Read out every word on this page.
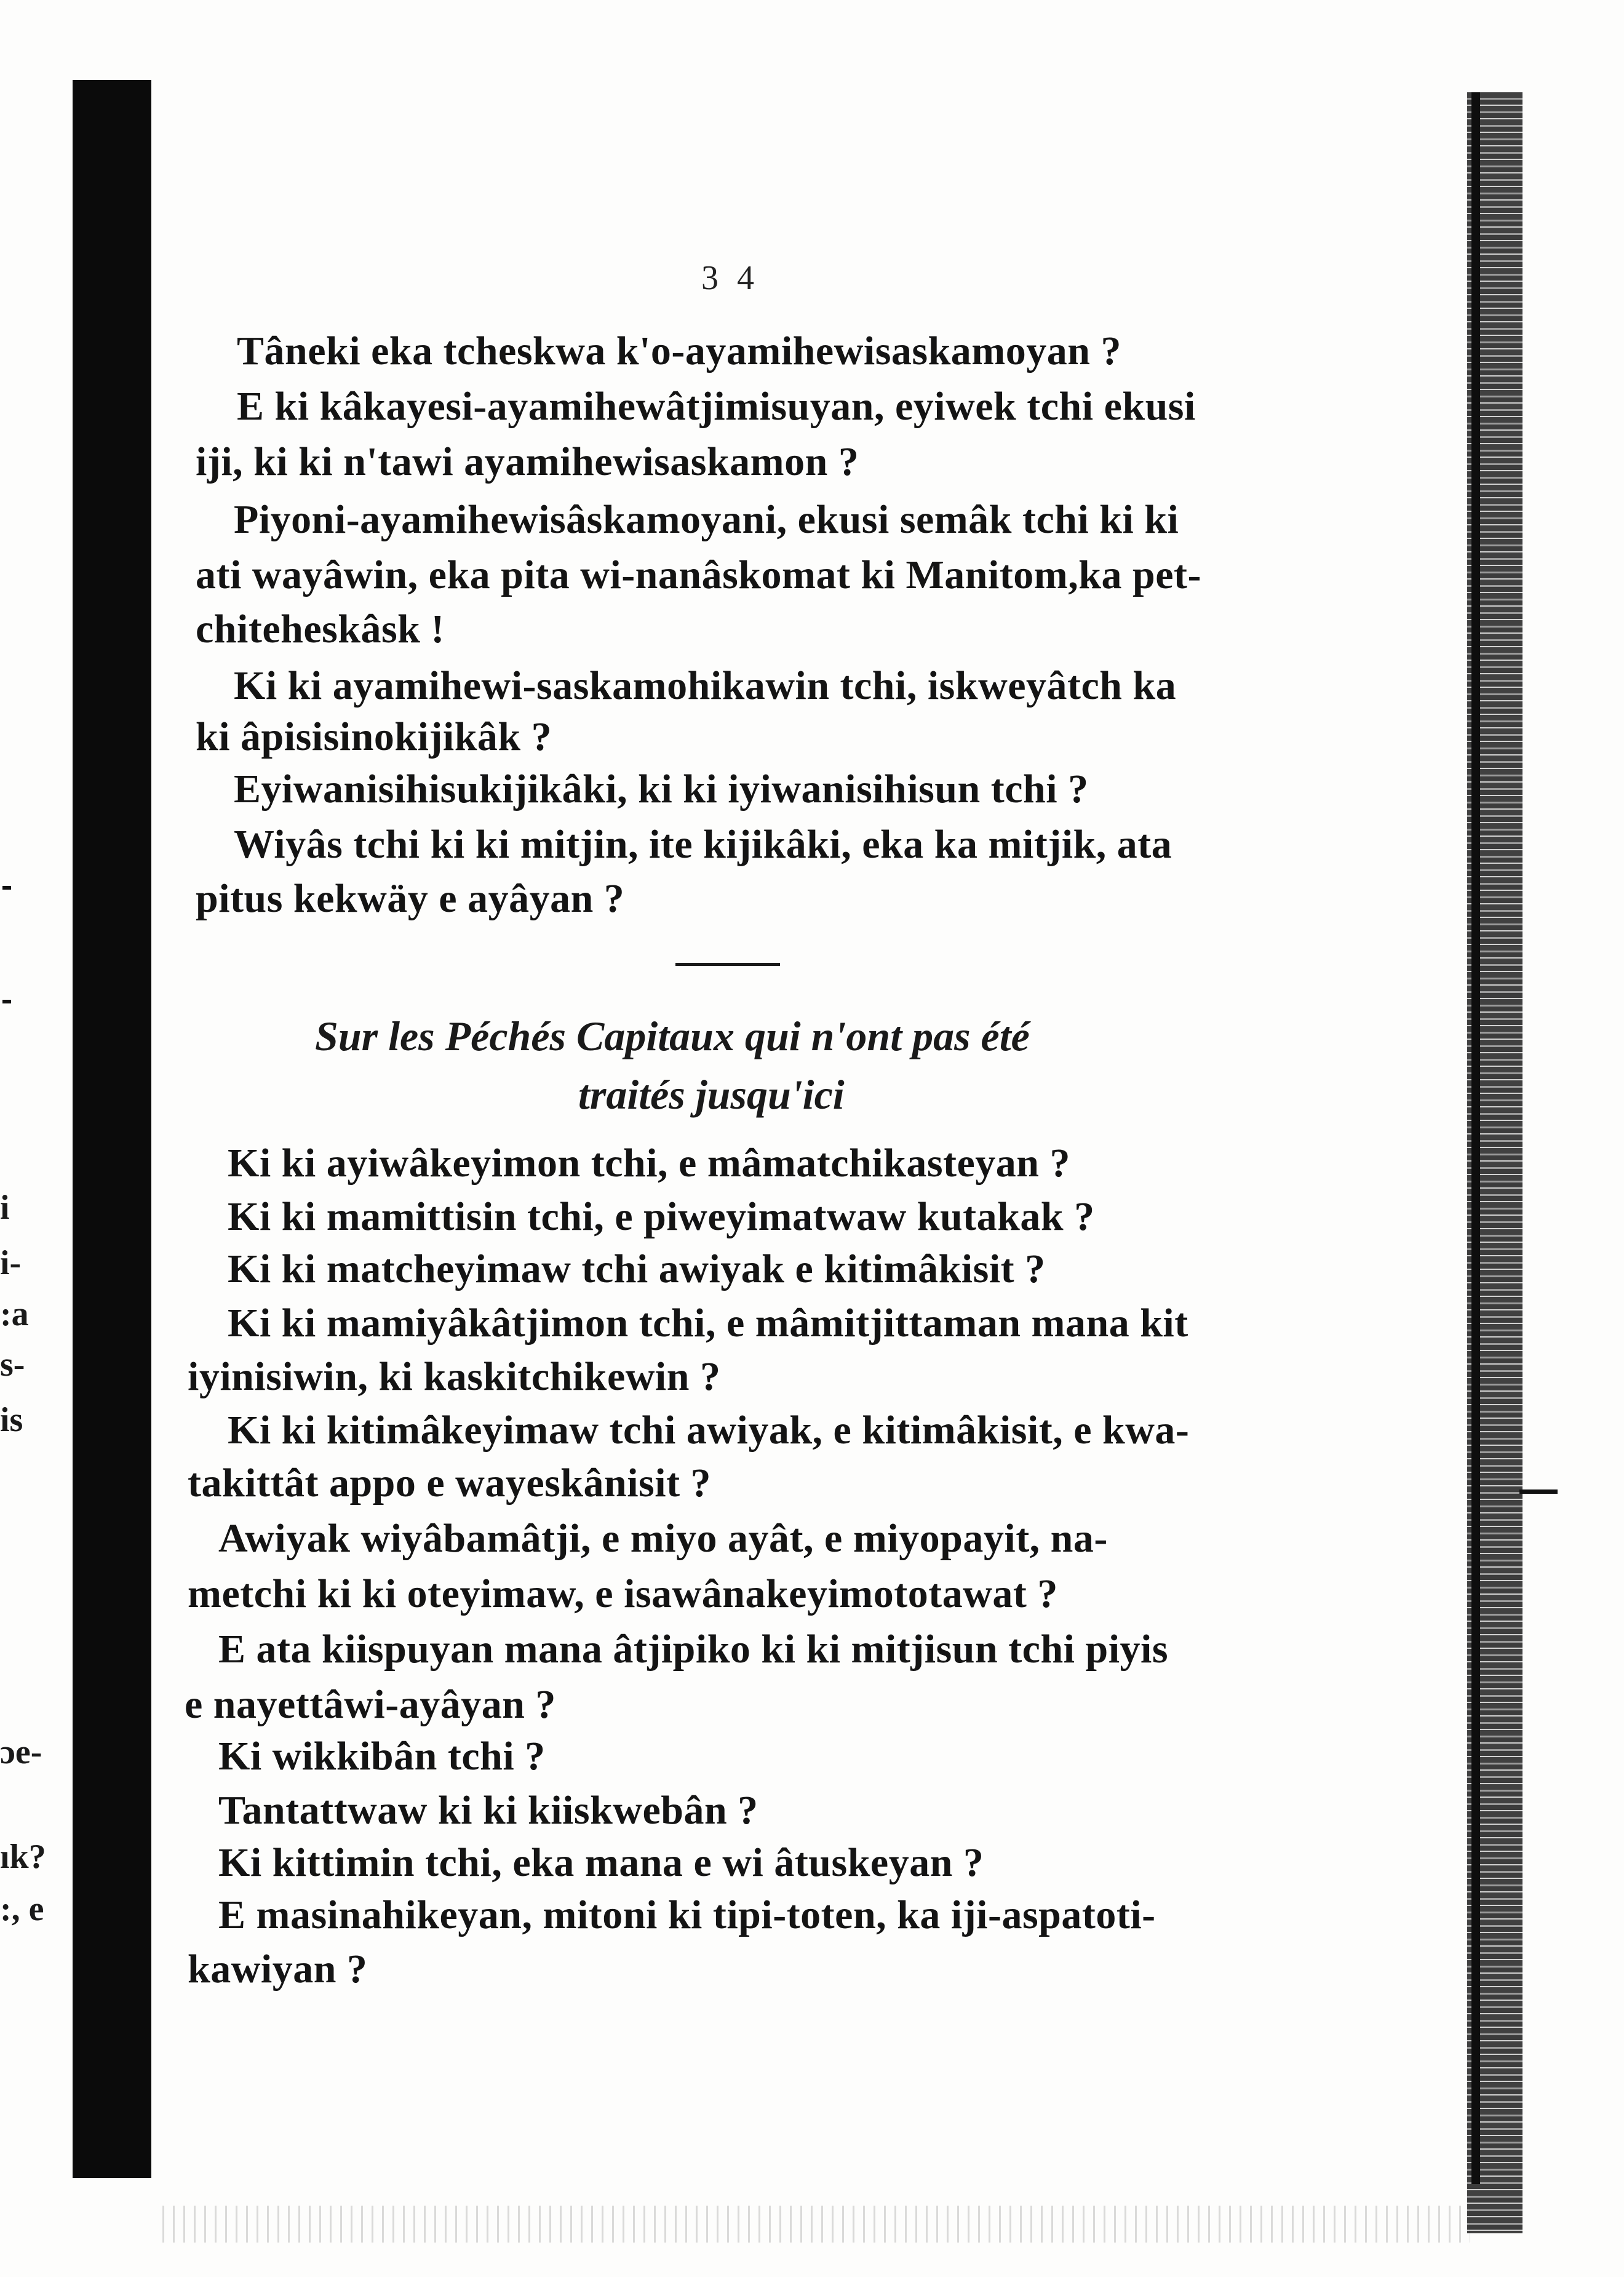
i
i-
:a
s-
is
ɔe-
ık?
:, e
3 4
Tâneki eka tcheskwa k'o-ayamihewisaskamoyan ?
E ki kâkayesi-ayamihewâtjimisuyan, eyiwek tchi ekusi
iji, ki ki n'tawi ayamihewisaskamon ?
Piyoni-ayamihewisâskamoyani, ekusi semâk tchi ki ki
ati wayâwin, eka pita wi-nanâskomat ki Manitom,ka pet-
chiteheskâsk !
Ki ki ayamihewi-saskamohikawin tchi, iskweyâtch ka
ki âpisisinokijikâk ?
Eyiwanisihisukijikâki, ki ki iyiwanisihisun tchi ?
Wiyâs tchi ki ki mitjin, ite kijikâki, eka ka mitjik, ata
pitus kekwäy e ayâyan ?
Sur les Péchés Capitaux qui n'ont pas été
traités jusqu'ici
Ki ki ayiwâkeyimon tchi, e mâmatchikasteyan ?
Ki ki mamittisin tchi, e piweyimatwaw kutakak ?
Ki ki matcheyimaw tchi awiyak e kitimâkisit ?
Ki ki mamiyâkâtjimon tchi, e mâmitjittaman mana kit
iyinisiwin, ki kaskitchikewin ?
Ki ki kitimâkeyimaw tchi awiyak, e kitimâkisit, e kwa-
takittât appo e wayeskânisit ?
Awiyak wiyâbamâtji, e miyo ayât, e miyopayit, na-
metchi ki ki oteyimaw, e isawânakeyimototawat ?
E ata kiispuyan mana âtjipiko ki ki mitjisun tchi piyis
e nayettâwi-ayâyan ?
Ki wikkibân tchi ?
Tantattwaw ki ki kiiskwebân ?
Ki kittimin tchi, eka mana e wi âtuskeyan ?
E masinahikeyan, mitoni ki tipi-toten, ka iji-aspatoti-
kawiyan ?
